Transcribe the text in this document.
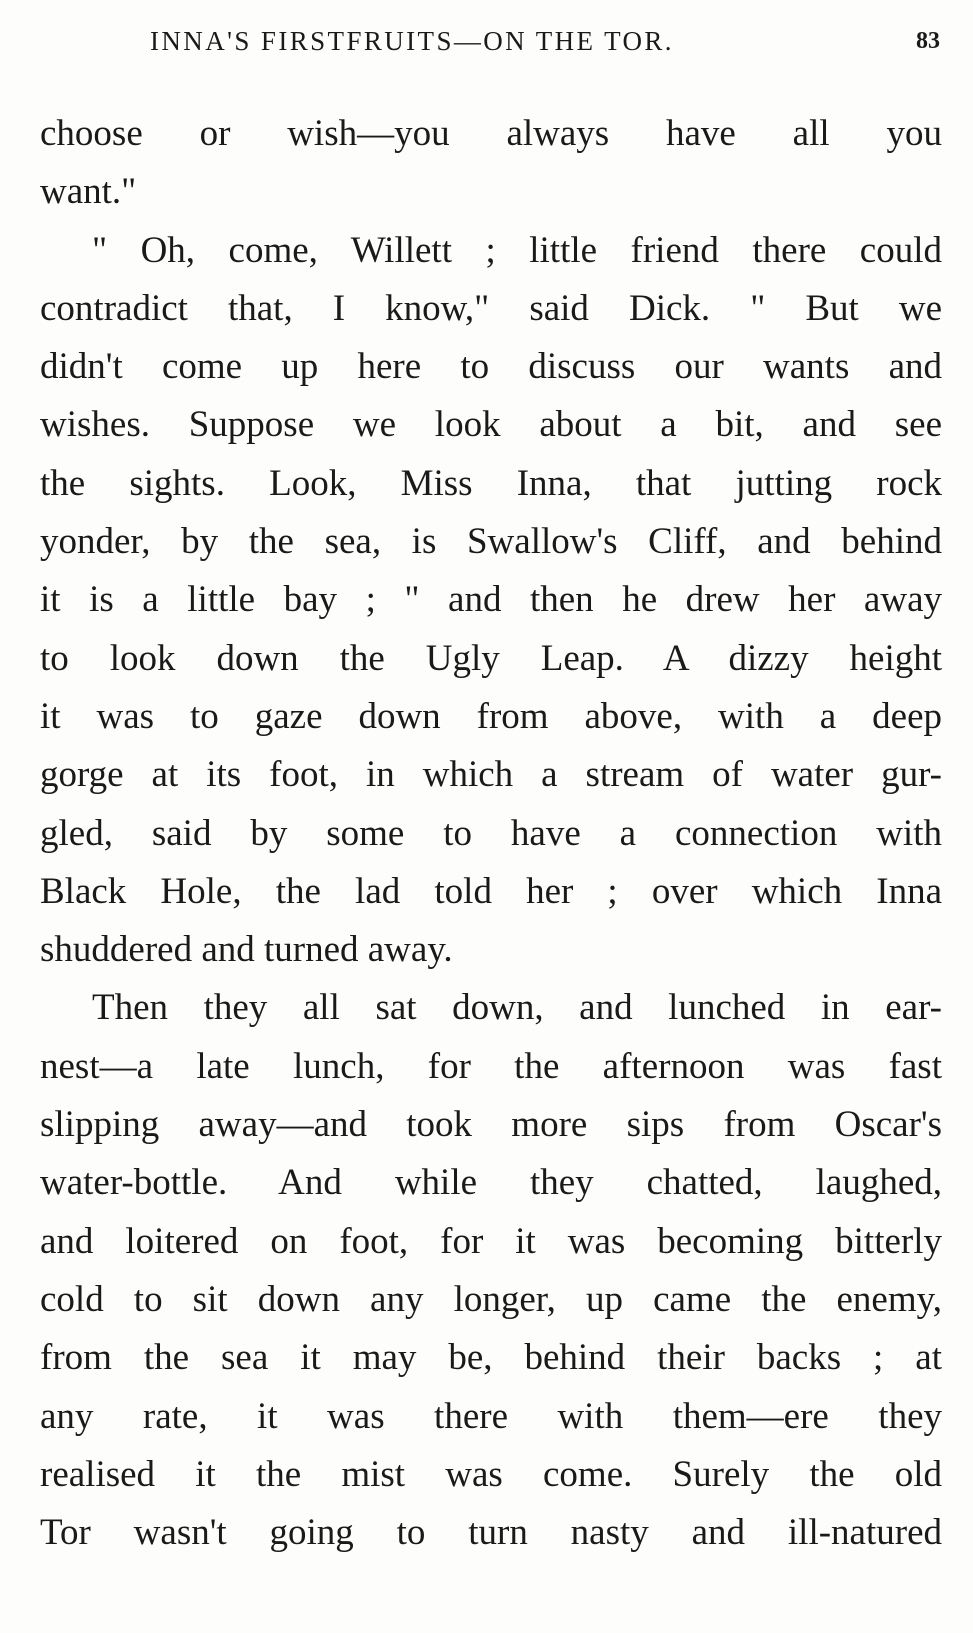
INNA'S FIRSTFRUITS—ON THE TOR.	83
choose or wish—you always have all you
want."
" Oh, come, Willett ; little friend there could
contradict that, I know," said Dick. " But we
didn't come up here to discuss our wants and
wishes. Suppose we look about a bit, and see
the sights. Look, Miss Inna, that jutting rock
yonder, by the sea, is Swallow's Cliff, and behind
it is a little bay ; " and then he drew her away
to look down the Ugly Leap. A dizzy height
it was to gaze down from above, with a deep
gorge at its foot, in which a stream of water gur-
gled, said by some to have a connection with
Black Hole, the lad told her ; over which Inna
shuddered and turned away.
Then they all sat down, and lunched in ear-
nest—a late lunch, for the afternoon was fast
slipping away—and took more sips from Oscar's
water-bottle. And while they chatted, laughed,
and loitered on foot, for it was becoming bitterly
cold to sit down any longer, up came the enemy,
from the sea it may be, behind their backs ; at
any rate, it was there with them—ere they
realised it the mist was come. Surely the old
Tor wasn't going to turn nasty and ill-natured
